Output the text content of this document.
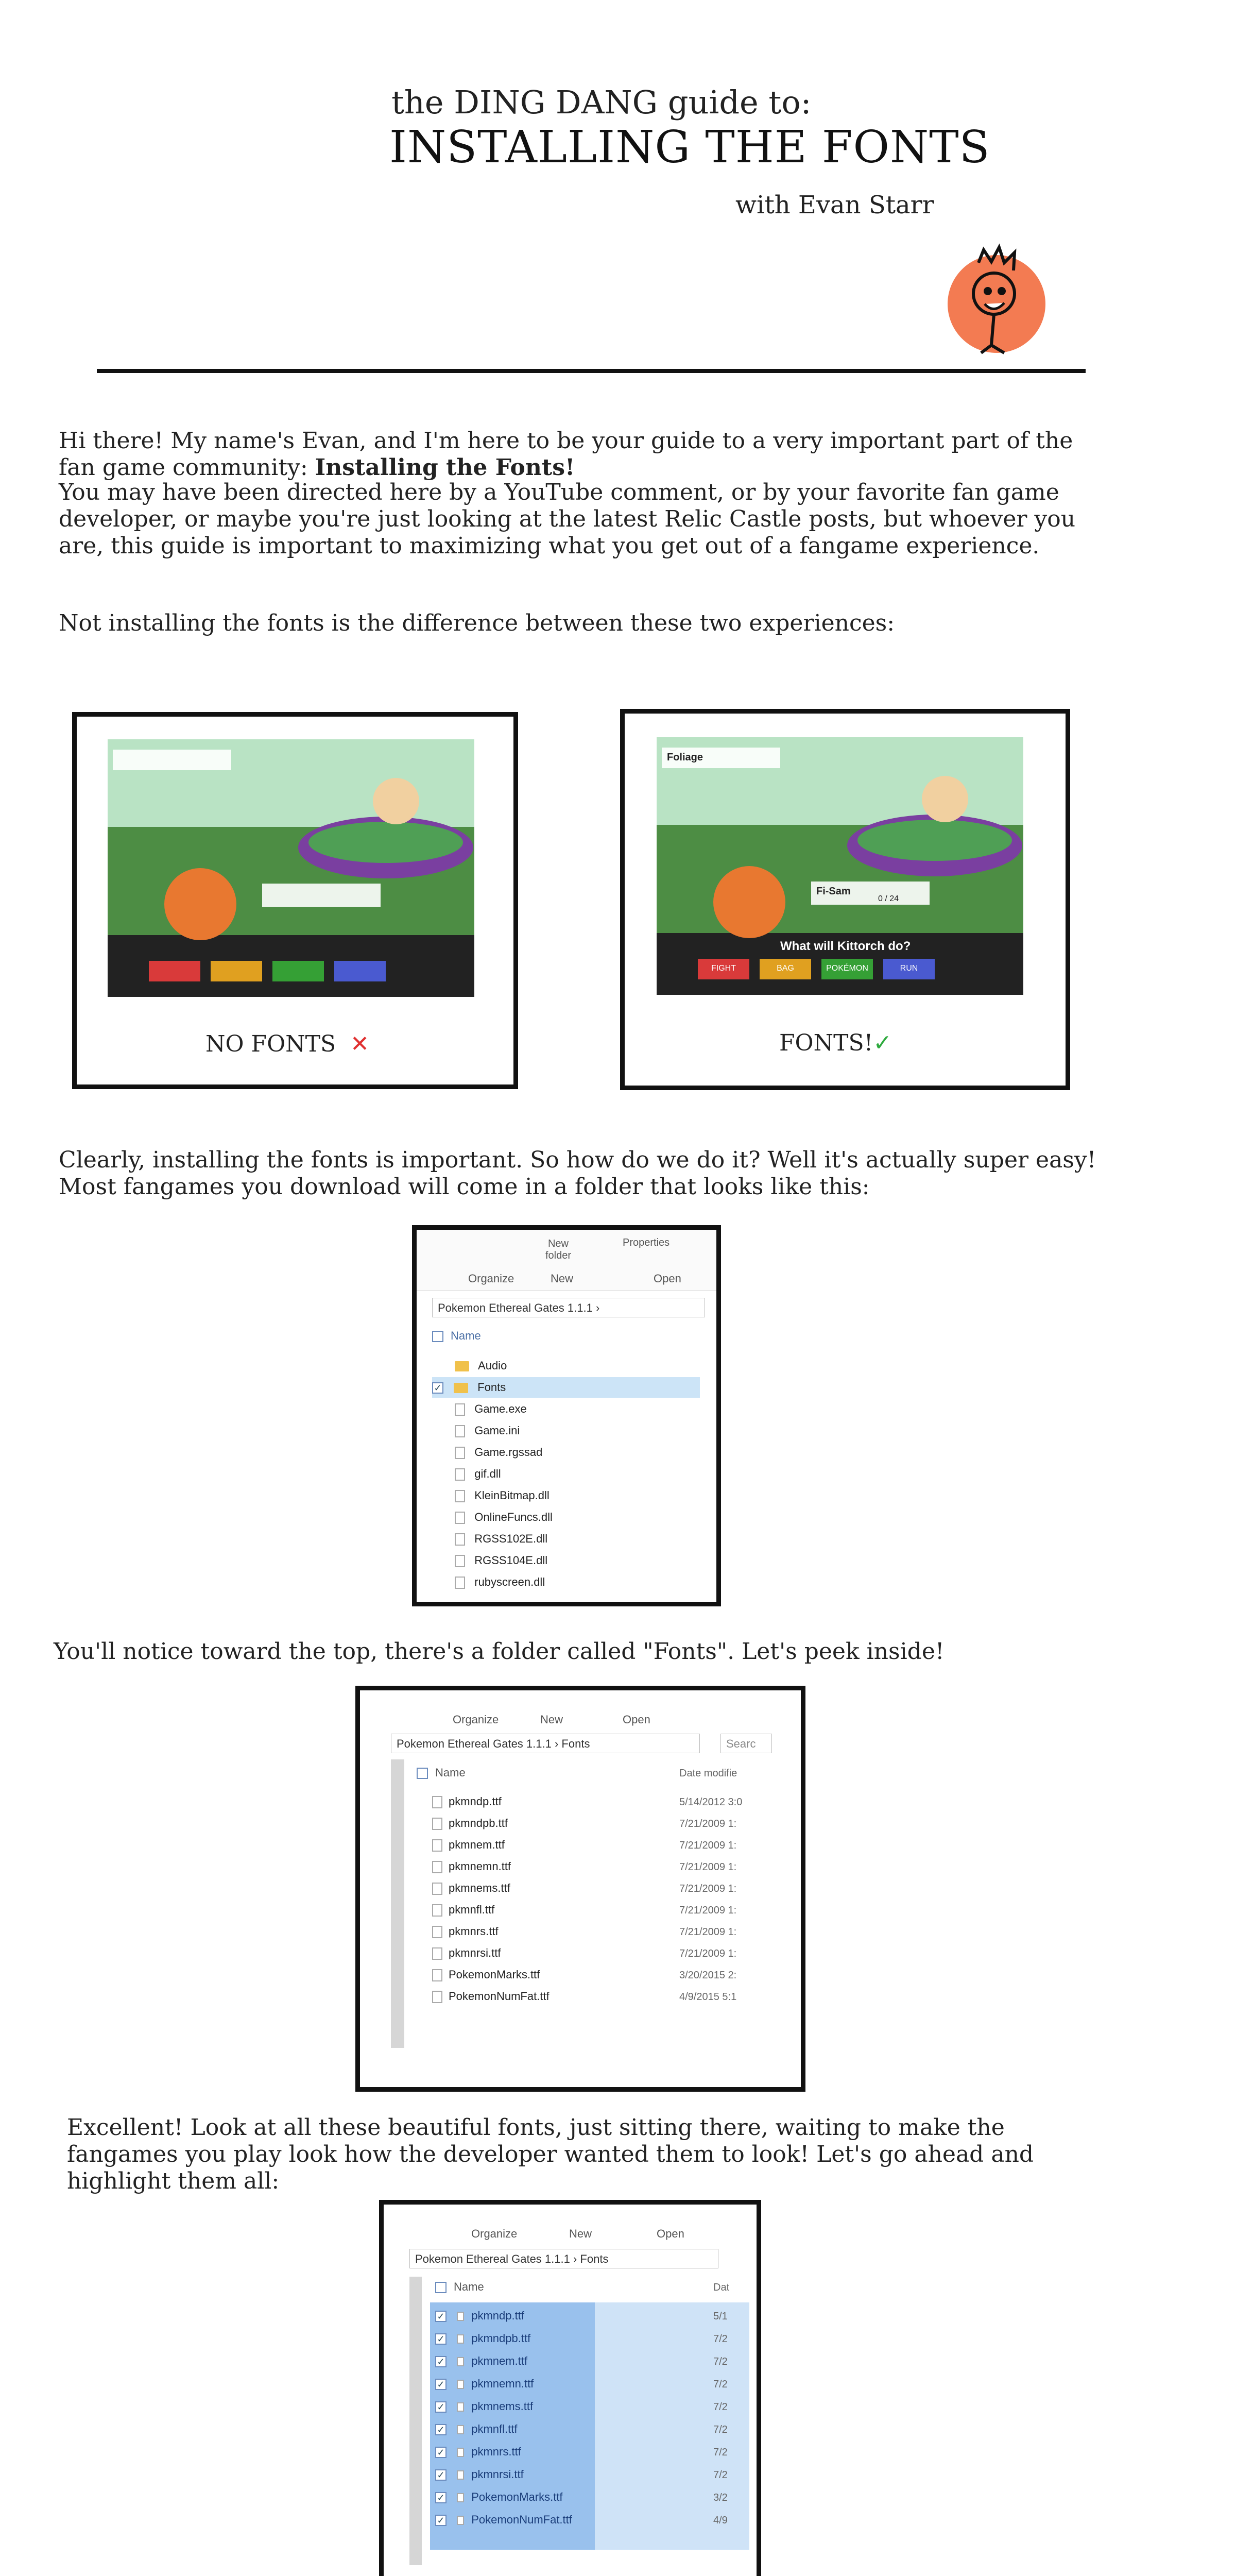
the DING DANG guide to:
INSTALLING THE FONTS
with Evan Starr

Hi there! My name's Evan, and I'm here to be your guide to a very important part of the fan game community: Installing the Fonts!

You may have been directed here by a YouTube comment, or by your favorite fan game developer, or maybe you're just looking at the latest Relic Castle posts, but whoever you are, this guide is important to maximizing what you get out of a fangame experience.
Not installing the fonts is the difference between these two experiences:
NO FONTS ✕
Foliage
Fi-Sam
0 / 24
What will Kittorch do?
FIGHT	BAG	POKÉMON	RUN
FONTS!✓
Clearly, installing the fonts is important. So how do we do it? Well it's actually super easy! Most fangames you download will come in a folder that looks like this:
New folder
Properties
Organize	New	Open
Pokemon Ethereal Gates 1.1.1 ›
Name
Audio
✓	Fonts
Game.exe
Game.ini
Game.rgssad
gif.dll
KleinBitmap.dll
OnlineFuncs.dll
RGSS102E.dll
RGSS104E.dll
rubyscreen.dll
You'll notice toward the top, there's a folder called "Fonts". Let's peek inside!
Organize	New	Open
Pokemon Ethereal Gates 1.1.1 › Fonts	Searc
Name	Date modifie
pkmndp.ttf	5/14/2012 3:0
pkmndpb.ttf	7/21/2009 1:
pkmnem.ttf	7/21/2009 1:
pkmnemn.ttf	7/21/2009 1:
pkmnems.ttf	7/21/2009 1:
pkmnfl.ttf	7/21/2009 1:
pkmnrs.ttf	7/21/2009 1:
pkmnrsi.ttf	7/21/2009 1:
PokemonMarks.ttf	3/20/2015 2:
PokemonNumFat.ttf	4/9/2015 5:1
Excellent! Look at all these beautiful fonts, just sitting there, waiting to make the fangames you play look how the developer wanted them to look! Let's go ahead and highlight them all:
Organize	New	Open
Pokemon Ethereal Gates 1.1.1 › Fonts
Name	Dat
✓ pkmndp.ttf	5/1
✓ pkmndpb.ttf	7/2
✓ pkmnem.ttf	7/2
✓ pkmnemn.ttf	7/2
✓ pkmnems.ttf	7/2
✓ pkmnfl.ttf	7/2
✓ pkmnrs.ttf	7/2
✓ pkmnrsi.ttf	7/2
✓ PokemonMarks.ttf	3/2
✓ PokemonNumFat.ttf	4/9
